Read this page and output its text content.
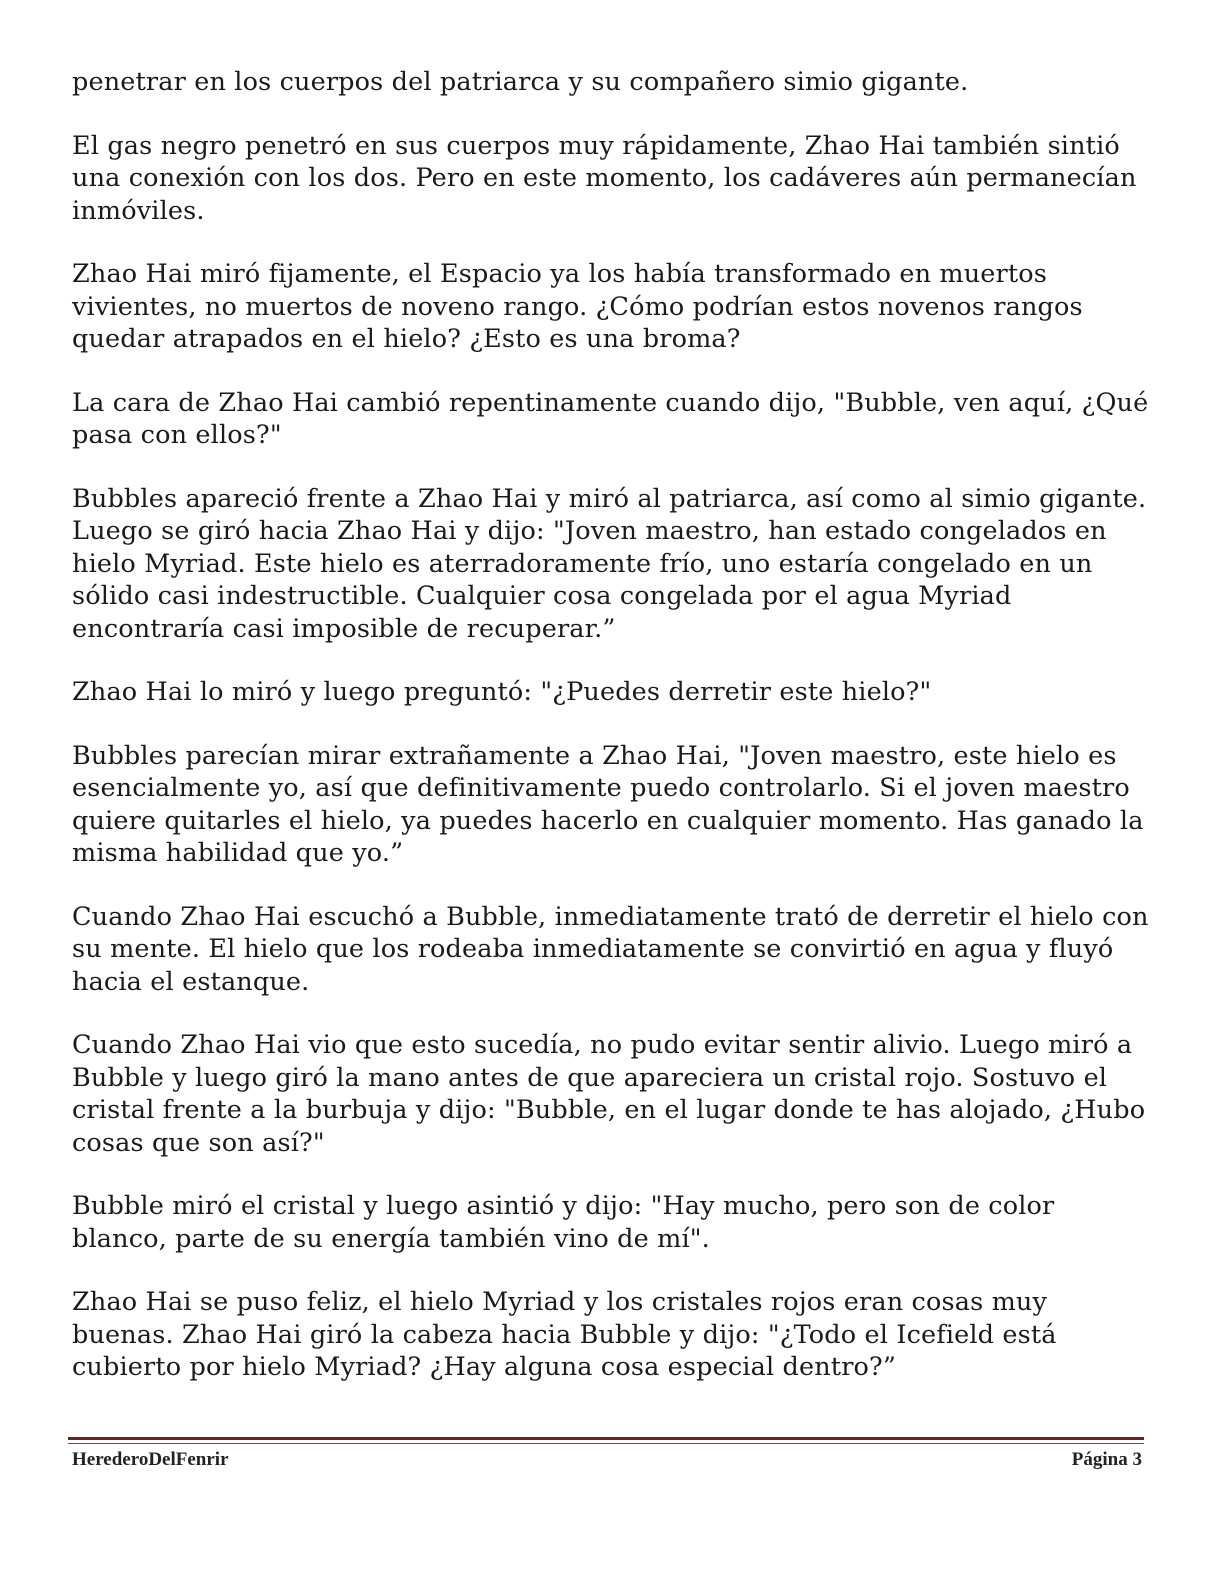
penetrar en los cuerpos del patriarca y su compañero simio gigante.

El gas negro penetró en sus cuerpos muy rápidamente, Zhao Hai también sintió una conexión con los dos. Pero en este momento, los cadáveres aún permanecían inmóviles.

Zhao Hai miró fijamente, el Espacio ya los había transformado en muertos vivientes, no muertos de noveno rango. ¿Cómo podrían estos novenos rangos quedar atrapados en el hielo? ¿Esto es una broma?

La cara de Zhao Hai cambió repentinamente cuando dijo, "Bubble, ven aquí, ¿Qué pasa con ellos?"

Bubbles apareció frente a Zhao Hai y miró al patriarca, así como al simio gigante. Luego se giró hacia Zhao Hai y dijo: "Joven maestro, han estado congelados en hielo Myriad. Este hielo es aterradoramente frío, uno estaría congelado en un sólido casi indestructible. Cualquier cosa congelada por el agua Myriad encontraría casi imposible de recuperar.”

Zhao Hai lo miró y luego preguntó: "¿Puedes derretir este hielo?"

Bubbles parecían mirar extrañamente a Zhao Hai, "Joven maestro, este hielo es esencialmente yo, así que definitivamente puedo controlarlo. Si el joven maestro quiere quitarles el hielo, ya puedes hacerlo en cualquier momento. Has ganado la misma habilidad que yo.”

Cuando Zhao Hai escuchó a Bubble, inmediatamente trató de derretir el hielo con su mente. El hielo que los rodeaba inmediatamente se convirtió en agua y fluyó hacia el estanque.

Cuando Zhao Hai vio que esto sucedía, no pudo evitar sentir alivio. Luego miró a Bubble y luego giró la mano antes de que apareciera un cristal rojo. Sostuvo el cristal frente a la burbuja y dijo: "Bubble, en el lugar donde te has alojado, ¿Hubo cosas que son así?"

Bubble miró el cristal y luego asintió y dijo: "Hay mucho, pero son de color blanco, parte de su energía también vino de mí".

Zhao Hai se puso feliz, el hielo Myriad y los cristales rojos eran cosas muy buenas. Zhao Hai giró la cabeza hacia Bubble y dijo: "¿Todo el Icefield está cubierto por hielo Myriad? ¿Hay alguna cosa especial dentro?”

HerederoDelFenrir	Página 3
